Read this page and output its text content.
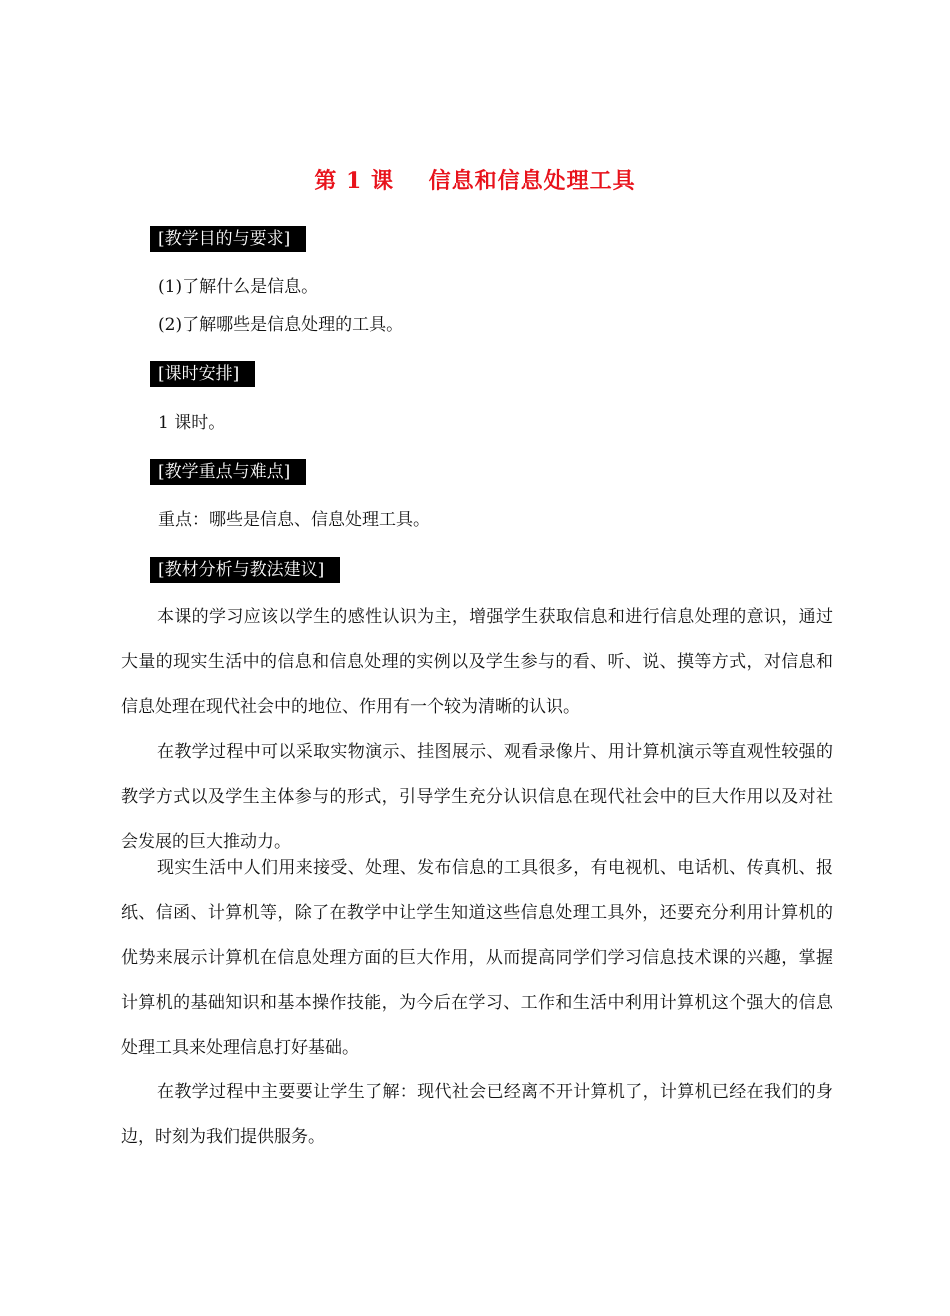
第 1 课    信息和信息处理工具
[教学目的与要求]
(1)了解什么是信息。
(2)了解哪些是信息处理的工具。
[课时安排]
1 课时。
[教学重点与难点]
重点：哪些是信息、信息处理工具。
[教材分析与教法建议]
本课的学习应该以学生的感性认识为主，增强学生获取信息和进行信息处理的意识，通过大量的现实生活中的信息和信息处理的实例以及学生参与的看、听、说、摸等方式，对信息和信息处理在现代社会中的地位、作用有一个较为清晰的认识。
在教学过程中可以采取实物演示、挂图展示、观看录像片、用计算机演示等直观性较强的教学方式以及学生主体参与的形式，引导学生充分认识信息在现代社会中的巨大作用以及对社会发展的巨大推动力。
现实生活中人们用来接受、处理、发布信息的工具很多，有电视机、电话机、传真机、报纸、信函、计算机等，除了在教学中让学生知道这些信息处理工具外，还要充分利用计算机的优势来展示计算机在信息处理方面的巨大作用，从而提高同学们学习信息技术课的兴趣，掌握计算机的基础知识和基本操作技能，为今后在学习、工作和生活中利用计算机这个强大的信息处理工具来处理信息打好基础。
在教学过程中主要要让学生了解：现代社会已经离不开计算机了，计算机已经在我们的身边，时刻为我们提供服务。
